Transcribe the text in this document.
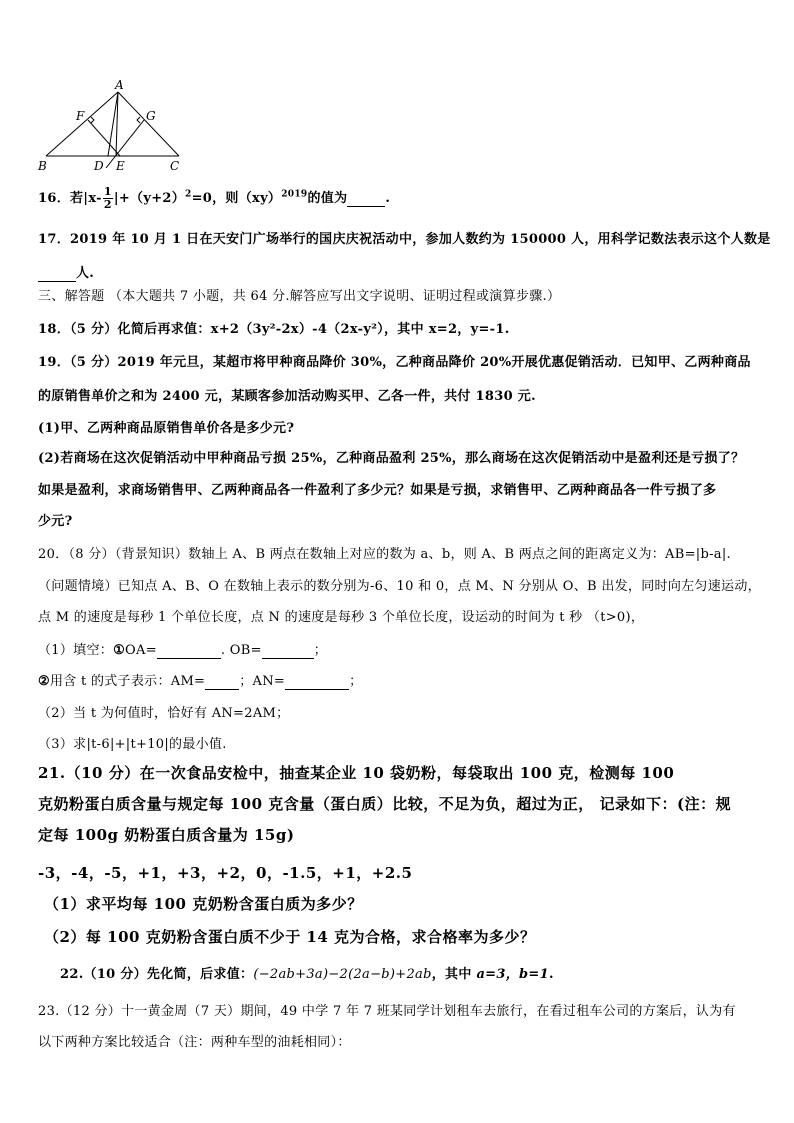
A
B	C
D E
F	G
16．若$|x- \frac{1}{2} |+(y+2)^2=0$，则（xy）$^{2019}$的值为	.
17．2019 年 10 月 1 日在天安门广场举行的国庆庆祝活动中，参加人数约为 150000 人，用科学记数法表示这个人数是
人.
三、解答题 （本大题共 7 小题，共 64 分.解答应写出文字说明、证明过程或演算步骤.）
18．（5 分）化简后再求值：x+2（3y²-2x）-4（2x-y²），其中 x=2，y=-1.
19．（5 分）2019 年元旦，某超市将甲种商品降价 30%，乙种商品降价 20%开展优惠促销活动．已知甲、乙两种商品
的原销售单价之和为 2400 元，某顾客参加活动购买甲、乙各一件，共付 1830 元.
(1)甲、乙两种商品原销售单价各是多少元?
(2)若商场在这次促销活动中甲种商品亏损 25%，乙种商品盈利 25%，那么商场在这次促销活动中是盈利还是亏损了？
如果是盈利，求商场销售甲、乙两种商品各一件盈利了多少元？如果是亏损，求销售甲、乙两种商品各一件亏损了多
少元?
20．（8 分）（背景知识）数轴上 A、B 两点在数轴上对应的数为 a、b，则 A、B 两点之间的距离定义为：AB=|b-a|.
（问题情境）已知点 A、B、O 在数轴上表示的数分别为-6、10 和 0，点 M、N 分别从 O、B 出发，同时向左匀速运动，
点 M 的速度是每秒 1 个单位长度，点 N 的速度是每秒 3 个单位长度，设运动的时间为 t 秒 （t>0)，
（1）填空：①OA=	. OB=	；
②用含 t 的式子表示：AM=	；AN=	；
（2）当 t 为何值时，恰好有 AN=2AM；
（3）求|t-6|+|t+10|的最小值.
21.（10 分）在一次食品安检中，抽查某企业 10 袋奶粉，每袋取出 100 克，检测每 100
克奶粉蛋白质含量与规定每 100 克含量（蛋白质）比较，不足为负，超过为正， 记录如下：(注：规
定每 100g 奶粉蛋白质含量为 15g)
-3，-4，-5，+1，+3，+2，0，-1.5，+1，+2.5
（1）求平均每 100 克奶粉含蛋白质为多少？
（2）每 100 克奶粉含蛋白质不少于 14 克为合格，求合格率为多少？
22.（10 分）先化简，后求值：(−2ab+3a)−2(2a−b)+2ab，其中 a=3，b=1.
23.（12 分）十一黄金周（7 天）期间，49 中学 7 年 7 班某同学计划租车去旅行，在看过租车公司的方案后，认为有
以下两种方案比较适合（注：两种车型的油耗相同）：
